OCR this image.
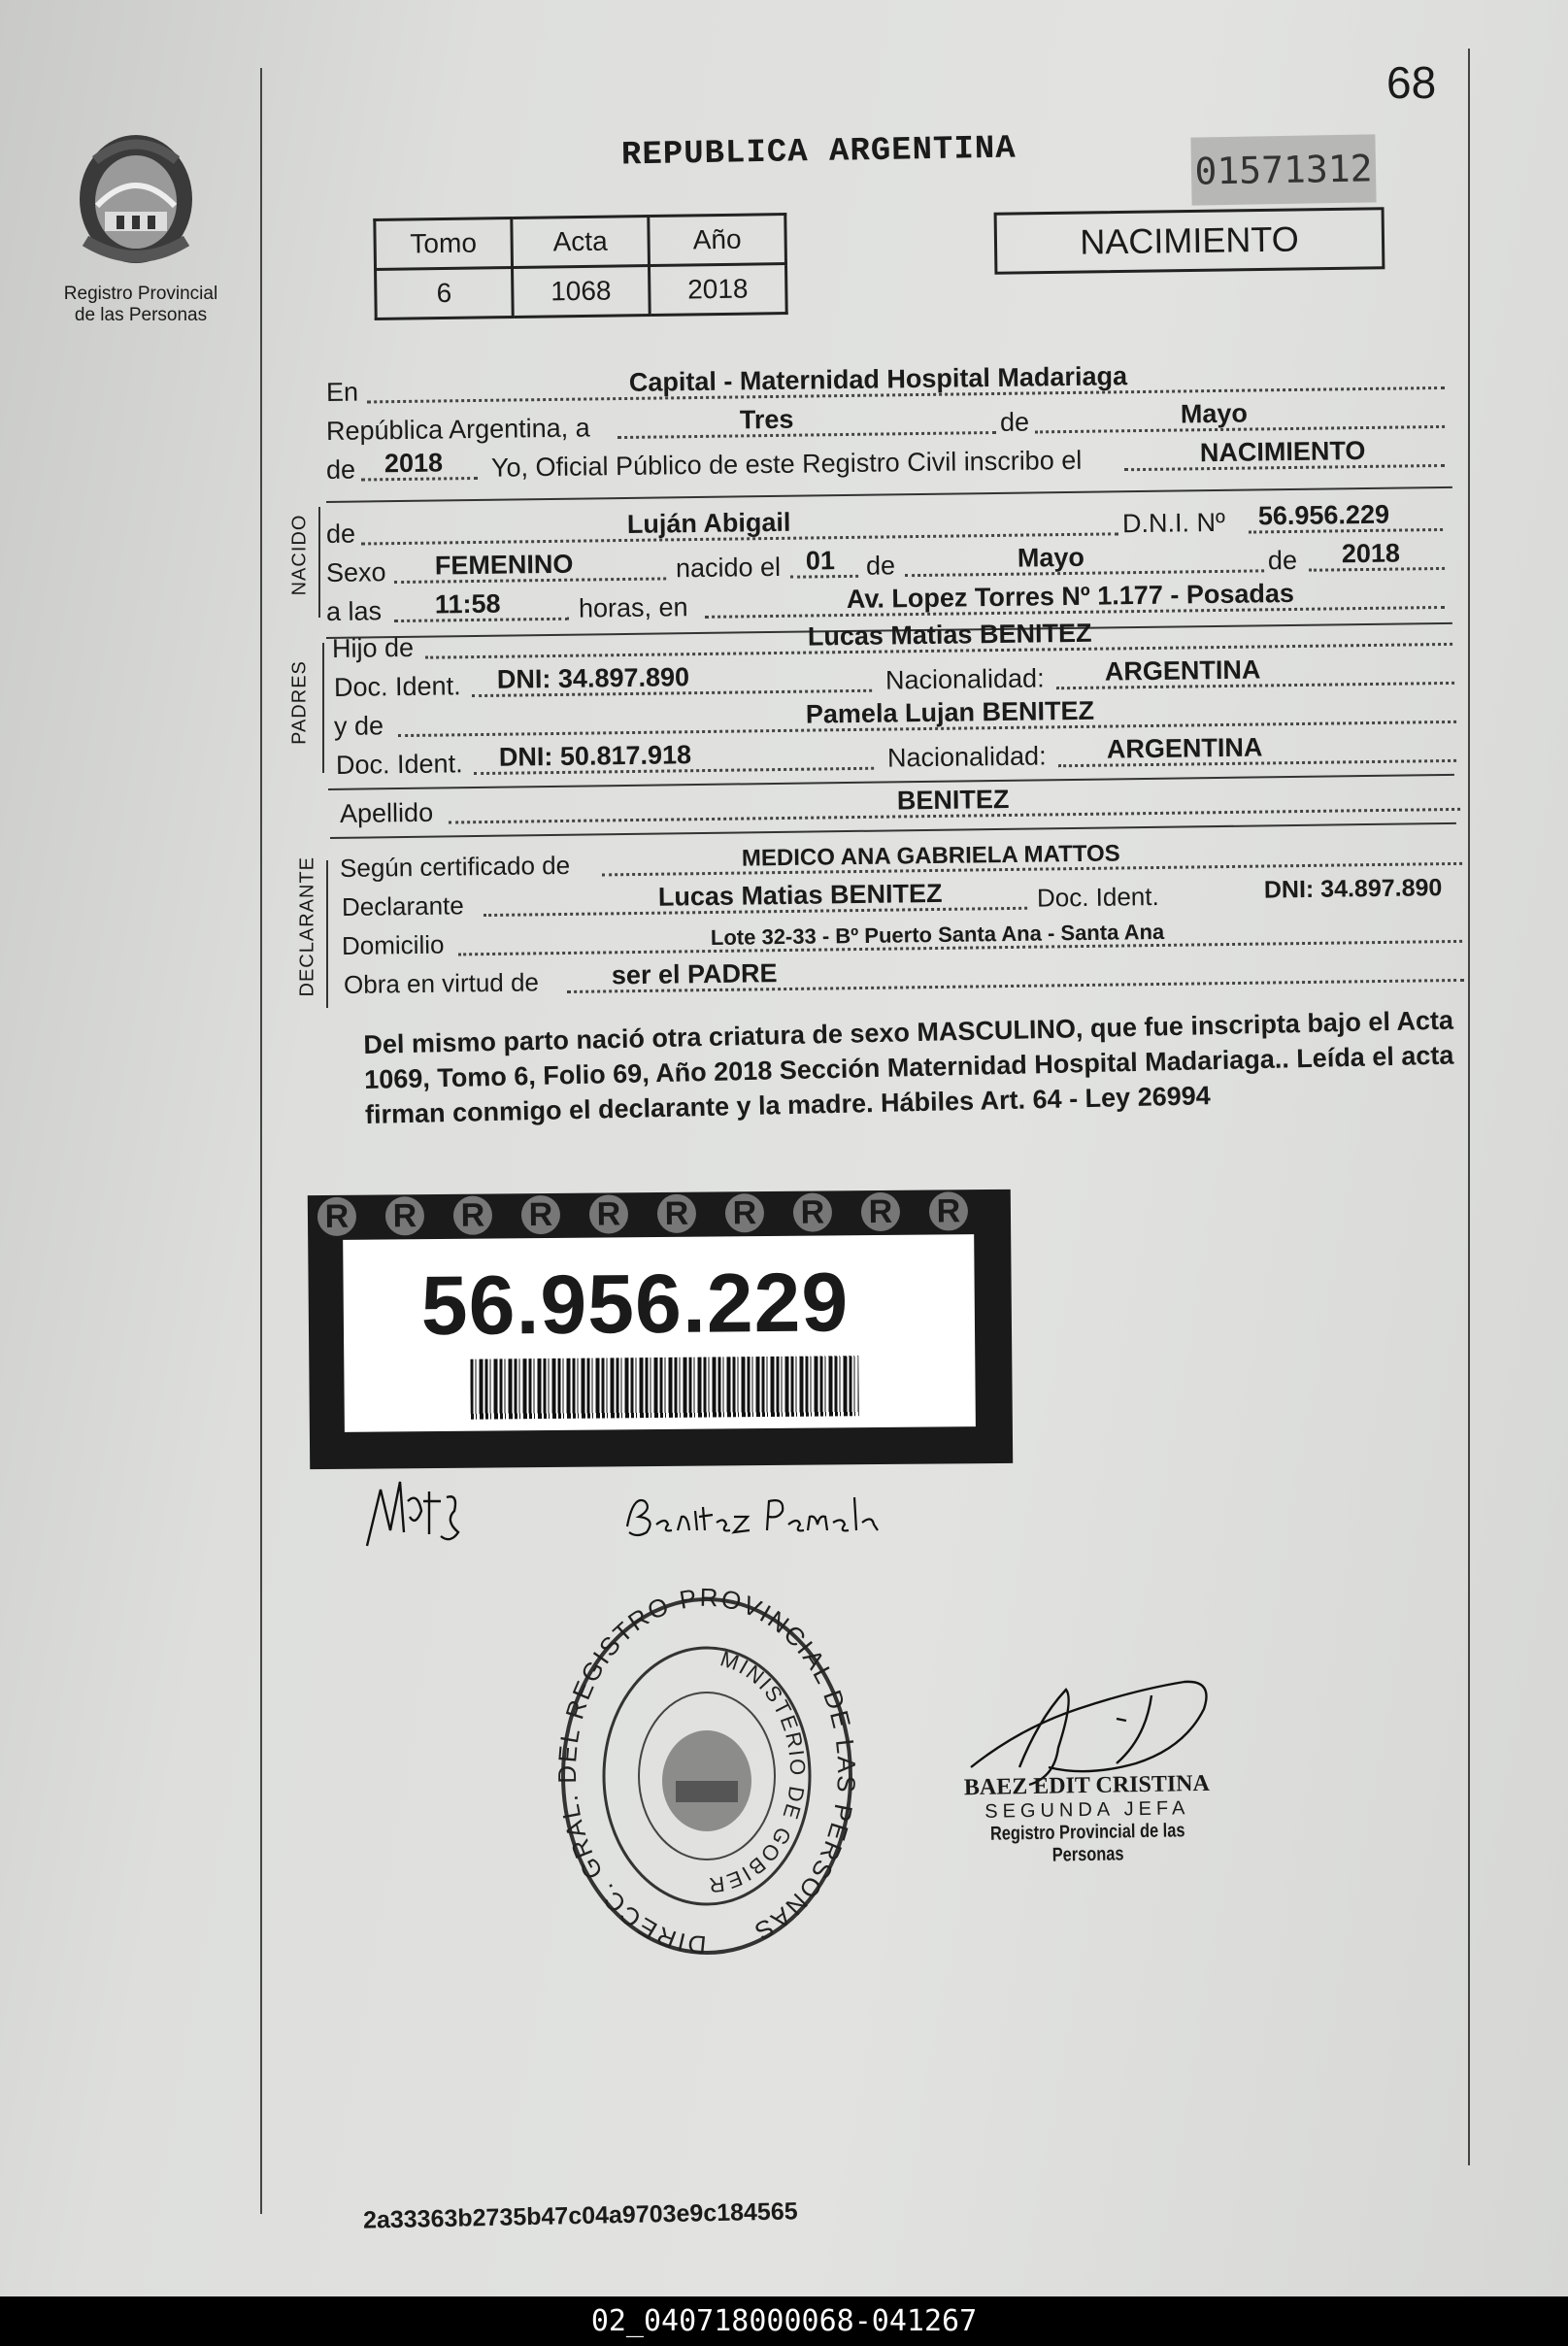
68
Registro Provincial
de las Personas
REPUBLICA ARGENTINA	01571312
Tomo	Acta	Año
6	1068	2018
NACIMIENTO
En	Capital - Maternidad Hospital Madariaga
República Argentina, a	Tres	de	Mayo
de 2018 Yo, Oficial Público de este Registro Civil inscribo el	NACIMIENTO
de	Luján Abigail	D.N.I. Nº 56.956.229
Sexo FEMENINO	nacido el 01 de	Mayo	de 2018
a las 11:58	horas, en	Av. Lopez Torres Nº 1.177 - Posadas
Hijo de	Lucas Matias BENITEZ
Doc. Ident. DNI: 34.897.890	Nacionalidad: ARGENTINA
y de	Pamela Lujan BENITEZ
Doc. Ident. DNI: 50.817.918	Nacionalidad: ARGENTINA
Apellido	BENITEZ
Según certificado de	MEDICO ANA GABRIELA MATTOS
Declarante	Lucas Matias BENITEZ	Doc. Ident.	DNI: 34.897.890
Domicilio	Lote 32-33 - Bº Puerto Santa Ana - Santa Ana
Obra en virtud de	ser el PADRE
NACIDO
PADRES
DECLARANTE
Del mismo parto nació otra criatura de sexo MASCULINO, que fue inscripta bajo el Acta 1069, Tomo 6, Folio 69, Año 2018 Sección Maternidad Hospital Madariaga.. Leída el acta firman conmigo el declarante y la madre. Hábiles Art. 64 - Ley 26994
R R R R R R R R R R
56.956.229
DIRECC. GRAL. DEL REGISTRO PROVINCIAL DE LAS PERSONAS
MINISTERIO DE GOBIER
BAEZ EDIT CRISTINA
SEGUNDA JEFA
Registro Provincial de las Personas
2a33363b2735b47c04a9703e9c184565
02_040718000068-041267
